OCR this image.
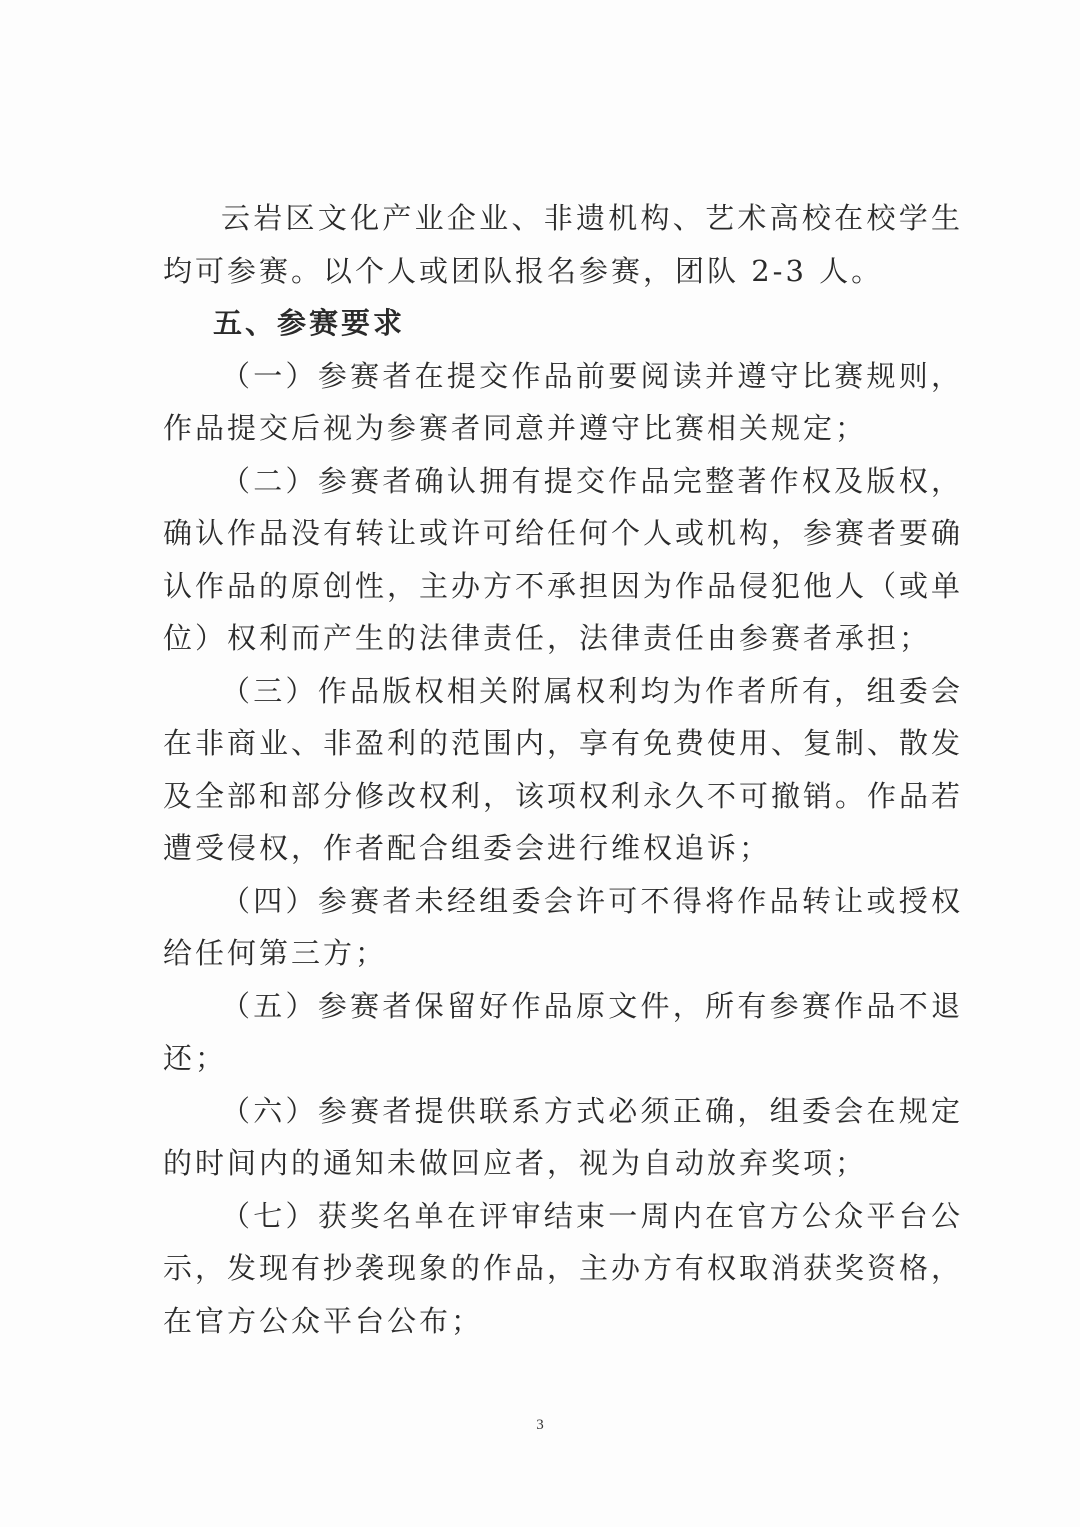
云岩区文化产业企业、非遗机构、艺术高校在校学生均可参赛。以个人或团队报名参赛，团队 2-3 人。

五、参赛要求

（一）参赛者在提交作品前要阅读并遵守比赛规则，作品提交后视为参赛者同意并遵守比赛相关规定；

（二）参赛者确认拥有提交作品完整著作权及版权，确认作品没有转让或许可给任何个人或机构，参赛者要确认作品的原创性，主办方不承担因为作品侵犯他人（或单位）权利而产生的法律责任，法律责任由参赛者承担；

（三）作品版权相关附属权利均为作者所有，组委会在非商业、非盈利的范围内，享有免费使用、复制、散发及全部和部分修改权利，该项权利永久不可撤销。作品若遭受侵权，作者配合组委会进行维权追诉；

（四）参赛者未经组委会许可不得将作品转让或授权给任何第三方；

（五）参赛者保留好作品原文件，所有参赛作品不退还；

（六）参赛者提供联系方式必须正确，组委会在规定的时间内的通知未做回应者，视为自动放弃奖项；

（七）获奖名单在评审结束一周内在官方公众平台公示，发现有抄袭现象的作品，主办方有权取消获奖资格，在官方公众平台公布；

3
